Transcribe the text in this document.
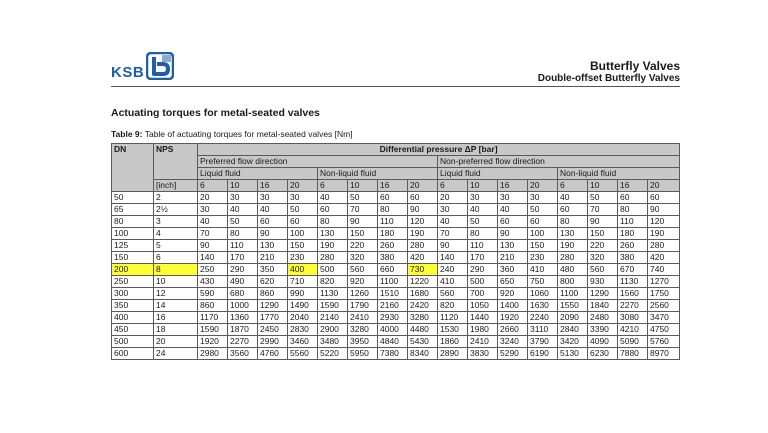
KSB	Butterfly Valves
Double-offset Butterfly Valves
Actuating torques for metal-seated valves
Table 9: Table of actuating torques for metal-seated valves [Nm]
DN	NPS	Differential pressure ΔP [bar]															
		Preferred flow direction								Non-preferred flow direction							
		Liquid fluid				Non-liquid fluid				Liquid fluid				Non-liquid fluid			
	[inch]	6	10	16	20	6	10	16	20	6	10	16	20	6	10	16	20
50	2	20	30	30	30	40	50	60	60	20	30	30	30	40	50	60	60
65	2½	30	40	40	50	60	70	80	90	30	40	40	50	60	70	80	90
80	3	40	50	60	60	80	90	110	120	40	50	60	60	80	90	110	120
100	4	70	80	90	100	130	150	180	190	70	80	90	100	130	150	180	190
125	5	90	110	130	150	190	220	260	280	90	110	130	150	190	220	260	280
150	6	140	170	210	230	280	320	380	420	140	170	210	230	280	320	380	420
200	8	250	290	350	400	500	560	660	730	240	290	360	410	480	560	670	740
250	10	430	490	620	710	820	920	1100	1220	410	500	650	750	800	930	1130	1270
300	12	590	680	860	990	1130	1260	1510	1680	560	700	920	1060	1100	1290	1560	1750
350	14	860	1000	1290	1490	1590	1790	2160	2420	820	1050	1400	1630	1550	1840	2270	2560
400	16	1170	1360	1770	2040	2140	2410	2930	3280	1120	1440	1920	2240	2090	2480	3080	3470
450	18	1590	1870	2450	2830	2900	3280	4000	4480	1530	1980	2660	3110	2840	3390	4210	4750
500	20	1920	2270	2990	3460	3480	3950	4840	5430	1860	2410	3240	3790	3420	4090	5090	5760
600	24	2980	3560	4760	5560	5220	5950	7380	8340	2890	3830	5290	6190	5130	6230	7880	8970
